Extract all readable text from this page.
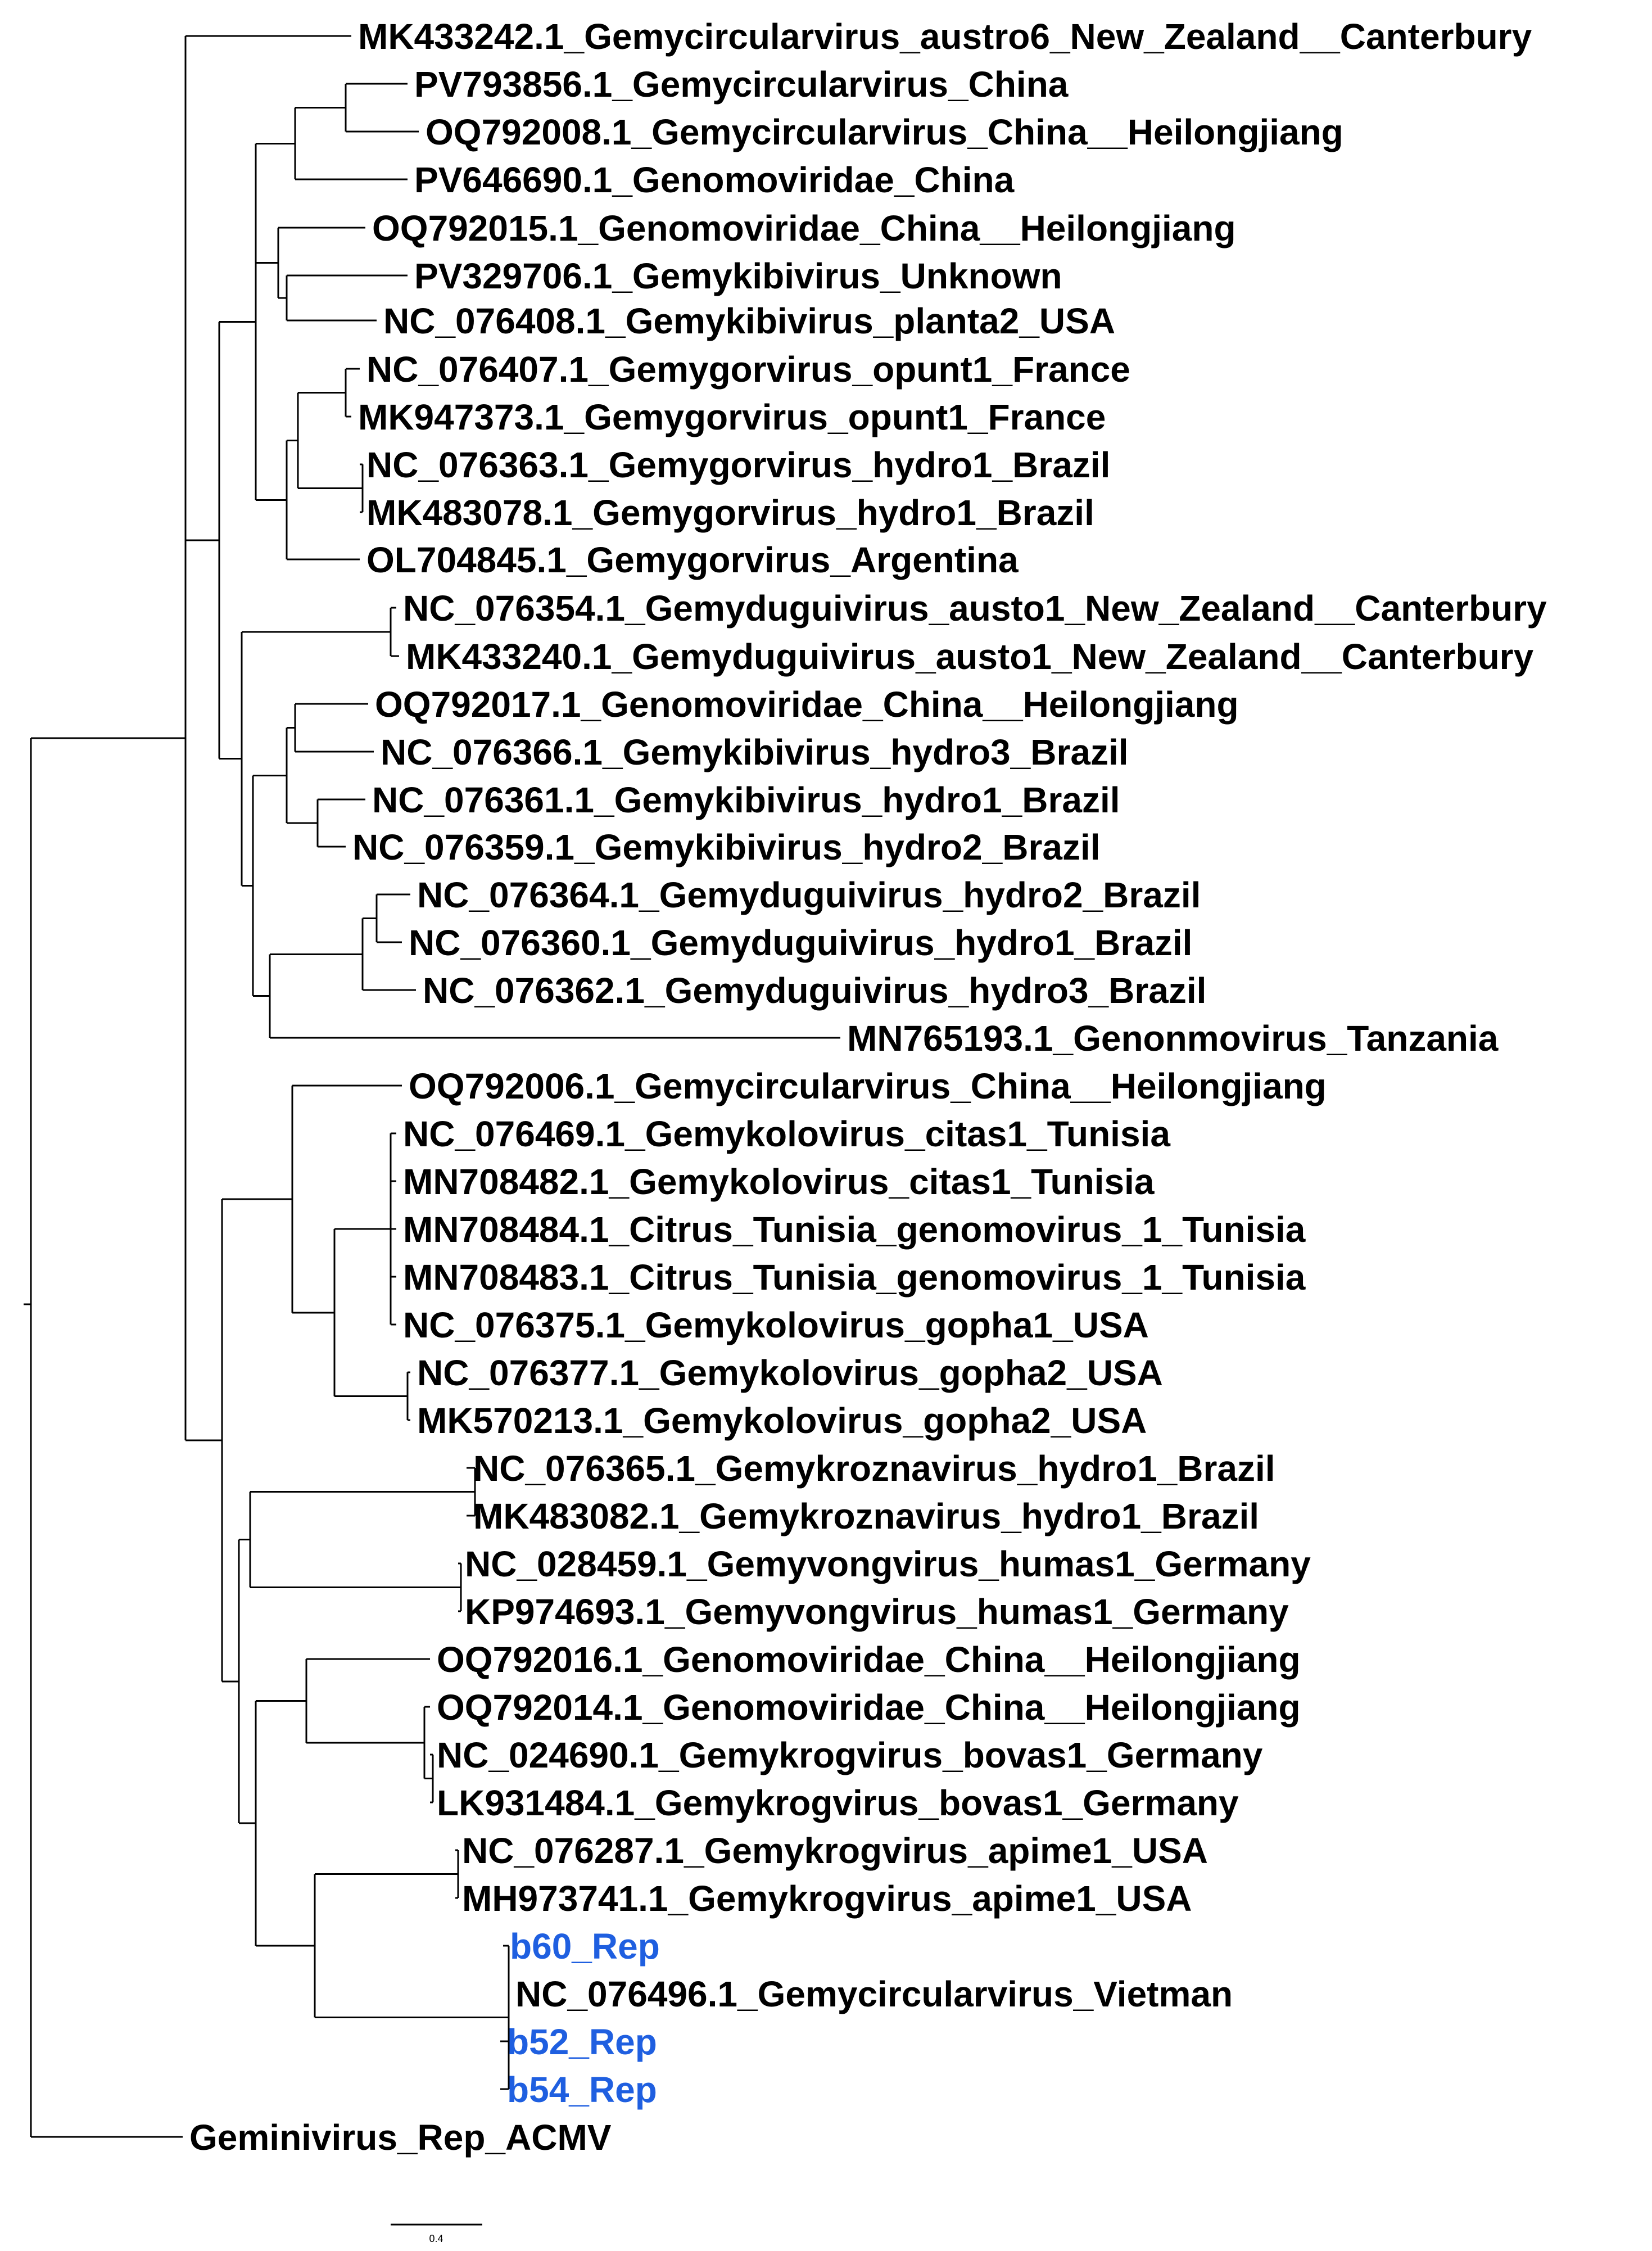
MK433242.1_Gemycircularvirus_austro6_New_Zealand__Canterbury
PV793856.1_Gemycircularvirus_China
OQ792008.1_Gemycircularvirus_China__Heilongjiang
PV646690.1_Genomoviridae_China
OQ792015.1_Genomoviridae_China__Heilongjiang
PV329706.1_Gemykibivirus_Unknown
NC_076408.1_Gemykibivirus_planta2_USA
NC_076407.1_Gemygorvirus_opunt1_France
MK947373.1_Gemygorvirus_opunt1_France
NC_076363.1_Gemygorvirus_hydro1_Brazil
MK483078.1_Gemygorvirus_hydro1_Brazil
OL704845.1_Gemygorvirus_Argentina
NC_076354.1_Gemyduguivirus_austo1_New_Zealand__Canterbury
MK433240.1_Gemyduguivirus_austo1_New_Zealand__Canterbury
OQ792017.1_Genomoviridae_China__Heilongjiang
NC_076366.1_Gemykibivirus_hydro3_Brazil
NC_076361.1_Gemykibivirus_hydro1_Brazil
NC_076359.1_Gemykibivirus_hydro2_Brazil
NC_076364.1_Gemyduguivirus_hydro2_Brazil
NC_076360.1_Gemyduguivirus_hydro1_Brazil
NC_076362.1_Gemyduguivirus_hydro3_Brazil
MN765193.1_Genonmovirus_Tanzania
OQ792006.1_Gemycircularvirus_China__Heilongjiang
NC_076469.1_Gemykolovirus_citas1_Tunisia
MN708482.1_Gemykolovirus_citas1_Tunisia
MN708484.1_Citrus_Tunisia_genomovirus_1_Tunisia
MN708483.1_Citrus_Tunisia_genomovirus_1_Tunisia
NC_076375.1_Gemykolovirus_gopha1_USA
NC_076377.1_Gemykolovirus_gopha2_USA
MK570213.1_Gemykolovirus_gopha2_USA
NC_076365.1_Gemykroznavirus_hydro1_Brazil
MK483082.1_Gemykroznavirus_hydro1_Brazil
NC_028459.1_Gemyvongvirus_humas1_Germany
KP974693.1_Gemyvongvirus_humas1_Germany
OQ792016.1_Genomoviridae_China__Heilongjiang
OQ792014.1_Genomoviridae_China__Heilongjiang
NC_024690.1_Gemykrogvirus_bovas1_Germany
LK931484.1_Gemykrogvirus_bovas1_Germany
NC_076287.1_Gemykrogvirus_apime1_USA
MH973741.1_Gemykrogvirus_apime1_USA
b60_Rep
NC_076496.1_Gemycircularvirus_Vietman
b52_Rep
b54_Rep
Geminivirus_Rep_ACMV
0.4
